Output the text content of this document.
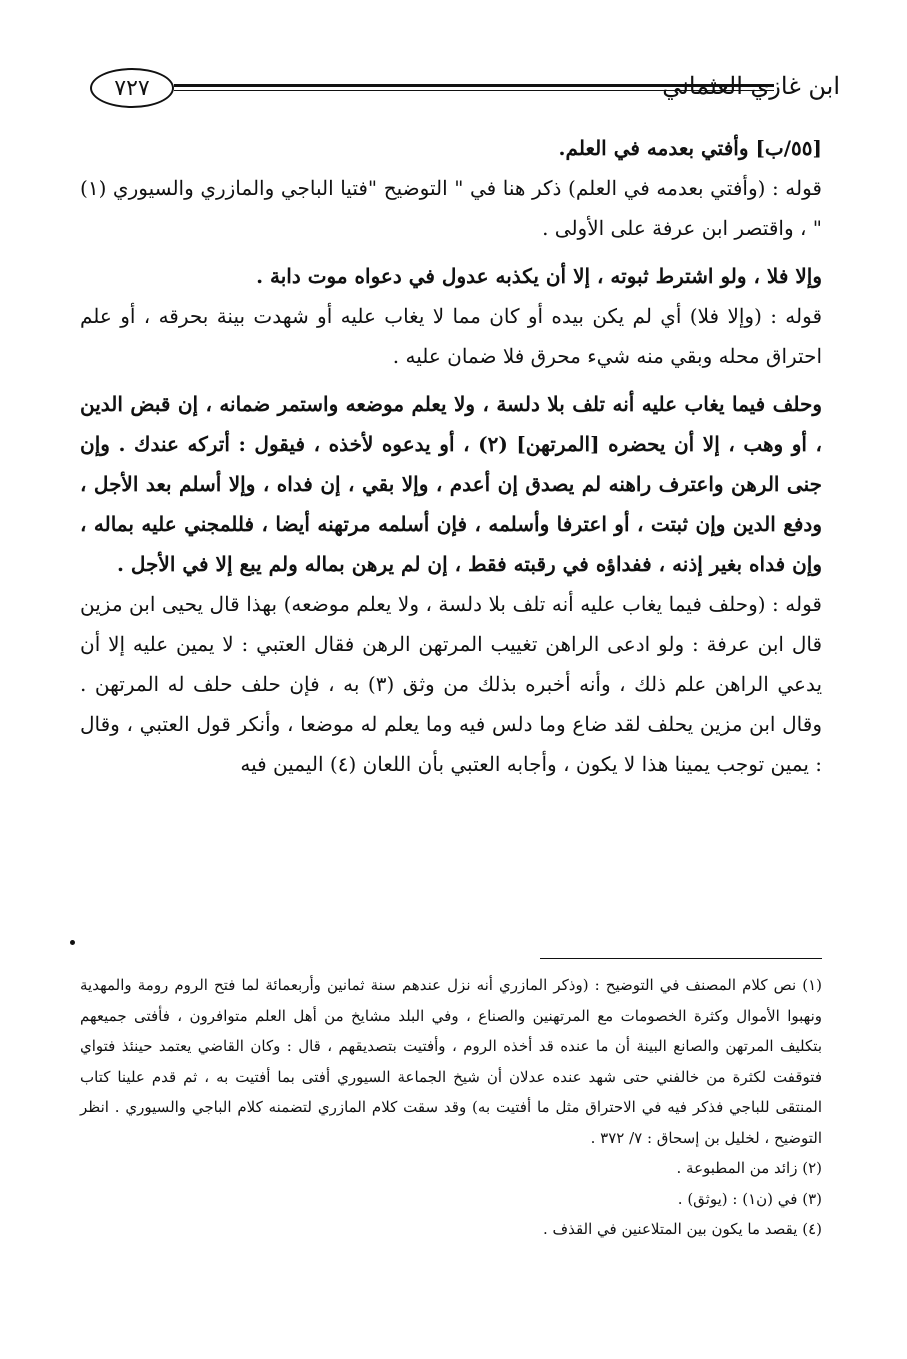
٧٢٧	ابن غازي العثماني

[٥٥/ب] وأفتي بعدمه في العلم.

قوله : (وأفتي بعدمه في العلم) ذكر هنا في " التوضيح "فتيا الباجي والمازري والسيوري (١) " ، واقتصر ابن عرفة على الأولى .

وإلا فلا ، ولو اشترط ثبوته ، إلا أن يكذبه عدول في دعواه موت دابة .

قوله : (وإلا فلا) أي لم يكن بيده أو كان مما لا يغاب عليه أو شهدت بينة بحرقه ، أو علم احتراق محله وبقي منه شيء محرق فلا ضمان عليه .

وحلف فيما يغاب عليه أنه تلف بلا دلسة ، ولا يعلم موضعه واستمر ضمانه ، إن قبض الدين ، أو وهب ، إلا أن يحضره [المرتهن] (٢) ، أو يدعوه لأخذه ، فيقول : أتركه عندك . وإن جنى الرهن واعترف راهنه لم يصدق إن أعدم ، وإلا بقي ، إن فداه ، وإلا أسلم بعد الأجل ، ودفع الدين وإن ثبتت ، أو اعترفا وأسلمه ، فإن أسلمه مرتهنه أيضا ، فللمجني عليه بماله ، وإن فداه بغير إذنه ، ففداؤه في رقبته فقط ، إن لم يرهن بماله ولم يبع إلا في الأجل .

قوله : (وحلف فيما يغاب عليه أنه تلف بلا دلسة ، ولا يعلم موضعه) بهذا قال يحيى ابن مزين قال ابن عرفة : ولو ادعى الراهن تغييب المرتهن الرهن فقال العتبي : لا يمين عليه إلا أن يدعي الراهن علم ذلك ، وأنه أخبره بذلك من وثق (٣) به ، فإن حلف حلف له المرتهن . وقال ابن مزين يحلف لقد ضاع وما دلس فيه وما يعلم له موضعا ، وأنكر قول العتبي ، وقال : يمين توجب يمينا هذا لا يكون ، وأجابه العتبي بأن اللعان (٤) اليمين فيه

(١) نص كلام المصنف في التوضيح : (وذكر المازري أنه نزل عندهم سنة ثمانين وأربعمائة لما فتح الروم رومة والمهدية ونهبوا الأموال وكثرة الخصومات مع المرتهنين والصناع ، وفي البلد مشايخ من أهل العلم متوافرون ، فأفتى جميعهم بتكليف المرتهن والصانع البينة أن ما عنده قد أخذه الروم ، وأفتيت بتصديقهم ، قال : وكان القاضي يعتمد حينئذ فتواي فتوقفت لكثرة من خالفني حتى شهد عنده عدلان أن شيخ الجماعة السيوري أفتى بما أفتيت به ، ثم قدم علينا كتاب المنتقى للباجي فذكر فيه في الاحتراق مثل ما أفتيت به) وقد سقت كلام المازري لتضمنه كلام الباجي والسيوري . انظر التوضيح ، لخليل بن إسحاق : ٧/ ٣٧٢ .

(٢) زائد من المطبوعة .

(٣) في (ن١) : (يوثق) .

(٤) يقصد ما يكون بين المتلاعنين في القذف .
